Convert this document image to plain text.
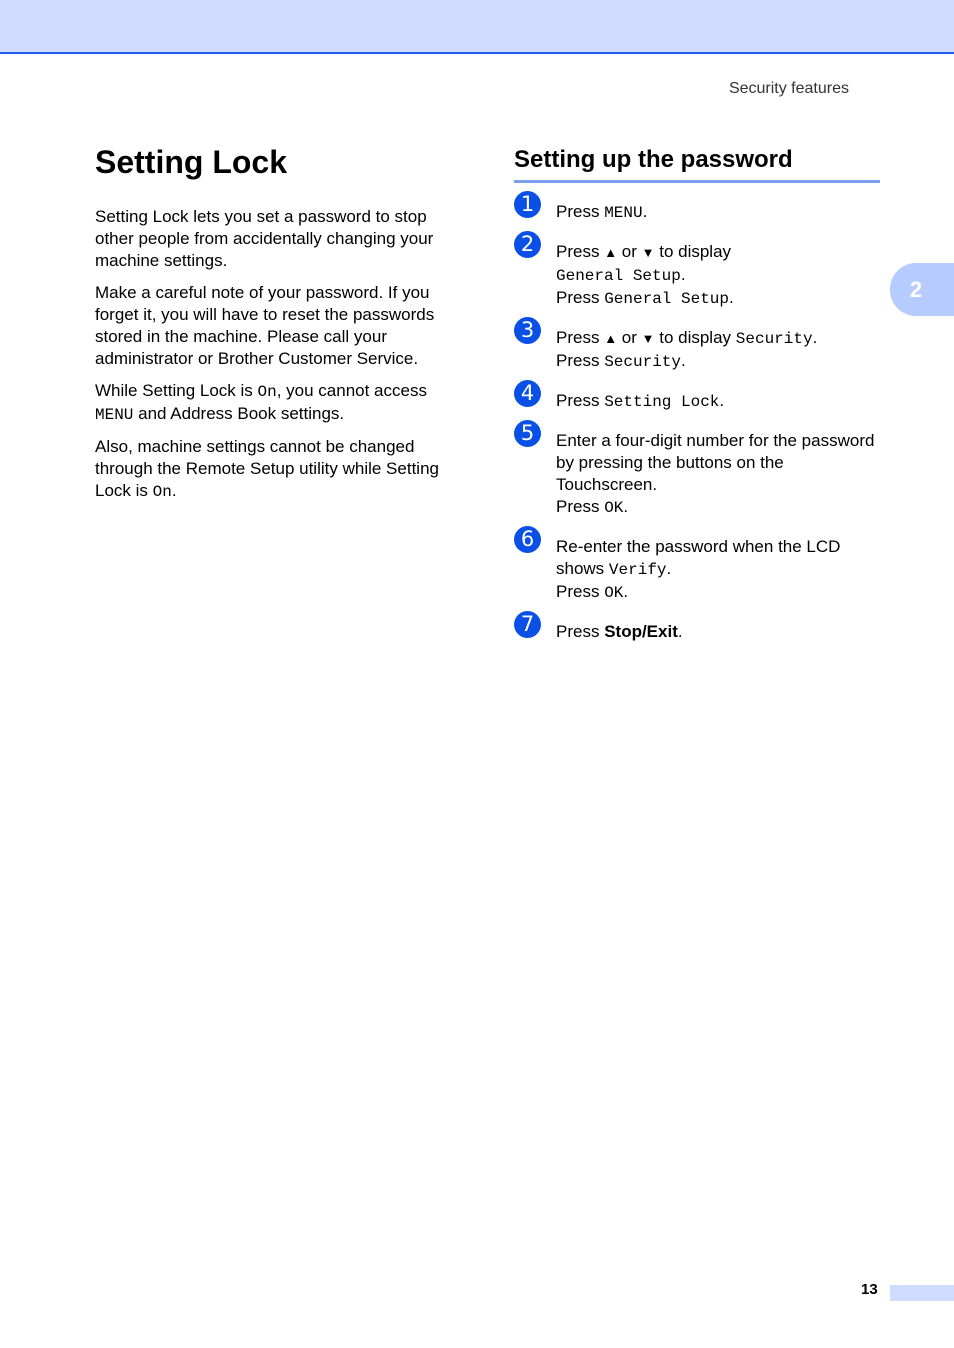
Security features
2
Setting Lock

Setting Lock lets you set a password to stop other people from accidentally changing your machine settings.

Make a careful note of your password. If you forget it, you will have to reset the passwords stored in the machine. Please call your administrator or Brother Customer Service.

While Setting Lock is On, you cannot access MENU and Address Book settings.

Also, machine settings cannot be changed through the Remote Setup utility while Setting Lock is On.

Setting up the password
1	Press MENU.
2	Press ▲ or ▼ to display
General Setup.
Press General Setup.
3	Press ▲ or ▼ to display Security.
Press Security.
4	Press Setting Lock.
5	Enter a four-digit number for the password by pressing the buttons on the Touchscreen.
Press OK.
6	Re-enter the password when the LCD shows Verify.
Press OK.
7	Press Stop/Exit.
13
